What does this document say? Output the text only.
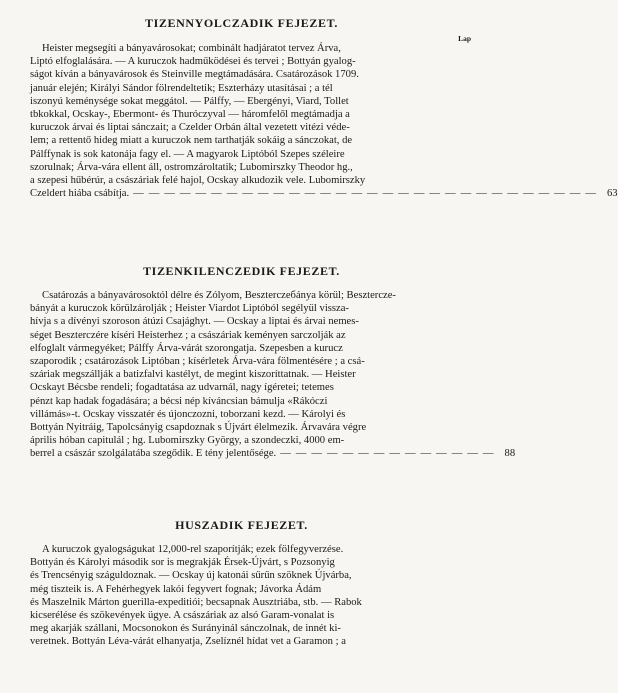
TIZENNYOLCZADIK FEJEZET.
Lap
Heister megsegíti a bányavárosokat; combinált hadjáratot tervez Árva,
Liptó elfoglalására. — A kuruczok hadműködései és tervei ; Bottyán gyalog-
ságot kíván a bányavárosok és Steinville megtámadására. Csatározások 1709.
január elején; Királyi Sándor fölrendeltetik; Eszterházy utasításai ; a tél
iszonyú keménysége sokat meggátol. — Pálffy, — Ebergényi, Viard, Tollet
tbkokkal, Ocskay-, Ebermont- és Thuróczyval — háromfelől megtámadja a
kuruczok árvai és liptai sánczait; a Czelder Orbán által vezetett vitézi véde-
lem; a rettentő hideg miatt a kuruczok nem tarthatják sokáig a sánczokat, de
Pálffynak is sok katonája fagy el. — A magyarok Liptóból Szepes széleire
szorulnak; Árva-vára ellent áll, ostromzároltatik; Lubomirszky Theodor hg.,
a szepesi hűbérúr, a császáriak felé hajol, Ocskay alkudozik vele. Lubomirszky
Czeldert hiába csábítja. —————————————————————————————— 63
TIZENKILENCZEDIK FEJEZET.
Csatározás a bányavárosoktól délre és Zólyom, Beszterczeбánya körül; Beszterczе-
bányát a kuruczok körülzárolják ; Heister Viardot Liptóból segélyül vissza-
hívja s a dívényi szoroson átúzi Csajághyt. — Ocskay a liptai és árvai nemes-
séget Beszterczére kíséri Heisterhez ; a császáriak keményen sarczolják az
elfoglalt vármegyéket; Pálffy Árva-várát szorongatja. Szepesben a kurucz
szaporodik ; csatározások Liptóban ; kísérletek Árva-vára fölmentésére ; a csá-
száriak megszállják a batizfalvi kastélyt, de megint kiszoríttatnak. — Heister
Ocskayt Bécsbe rendeli; fogadtatása az udvarnál, nagy ígéretei; tetemes
pénzt kap hadak fogadására; a bécsi nép kíváncsian bámulja «Rákóczi
villámás»-t. Ocskay visszatér és újonczozni, toborzani kezd. — Károlyi és
Bottyán Nyitráig, Tapolcsányig csapdoznak s Újvárt élelmezik. Árvavára végre
április hóban capitulál ; hg. Lubomirszky György, a szondeczki, 4000 em-
berrel a császár szolgálatába szegődik. E tény jelentősége. —————————————— 88
HUSZADIK FEJEZET.
A kuruczok gyalogságukat 12,000-rel szaporítják; ezek fölfegyverzése.
Bottyán és Károlyi második sor is megrakják Érsek-Újvárt, s Pozsonyig
és Trencsényig száguldoznak. — Ocskay új katonái sűrűn szöknek Újvárba,
még tiszteik is. A Fehérhegyek lakói fegyvert fognak; Jávorka Ádám
és Maszelnik Márton guerilla-expeditiói; becsapnak Ausztriába, stb. — Rabok
kicserélése és szökevények ügye. A császáriak az alsó Garam-vonalat is
meg akarják szállani, Mocsonokon és Surányinál sánczolnak, de innét ki-
veretnek. Bottyán Léva-várát elhanyatja, Zselíznél hídat vet a Garamon ; a
